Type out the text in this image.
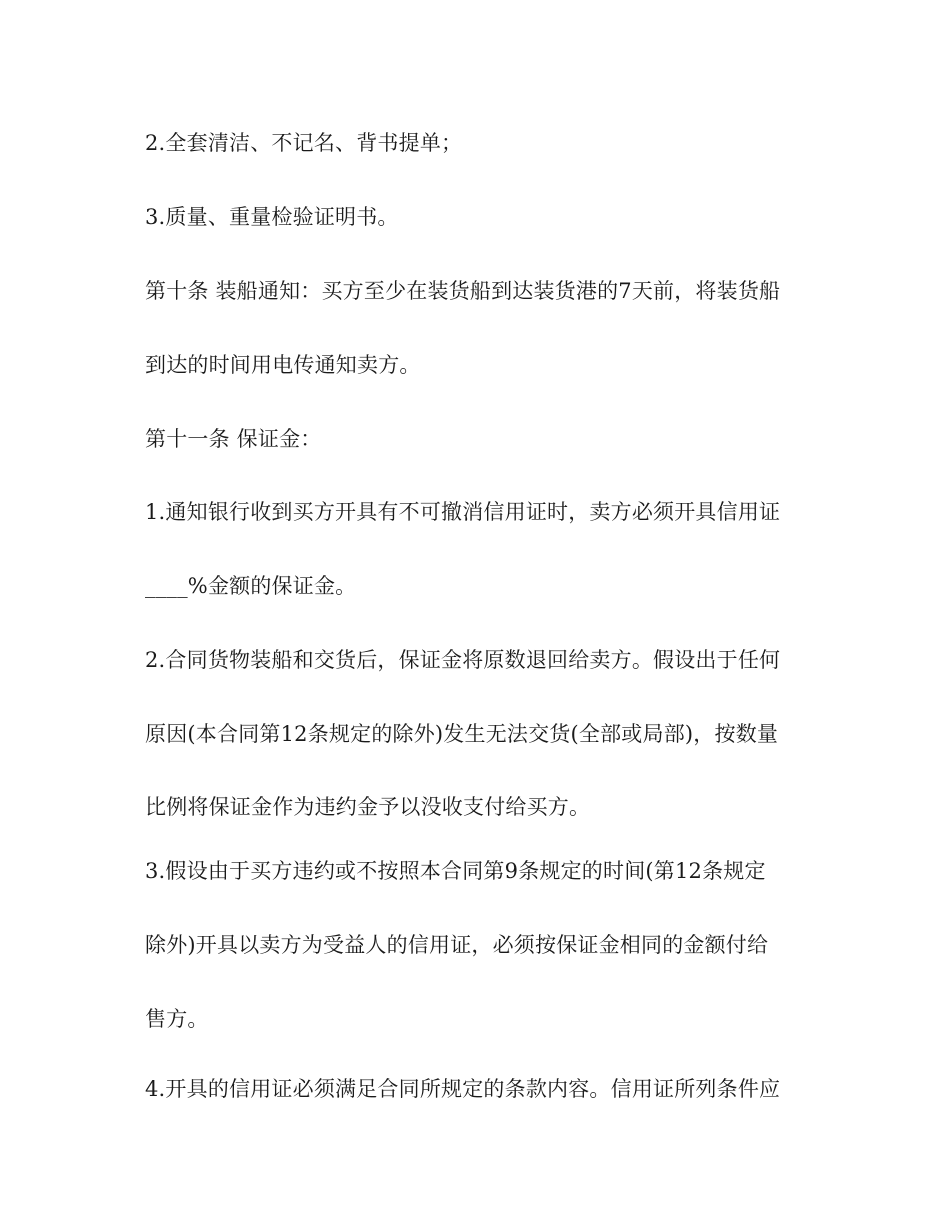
2.全套清洁、不记名、背书提单；

3.质量、重量检验证明书。

第十条 装船通知：买方至少在装货船到达装货港的7天前，将装货船

到达的时间用电传通知卖方。

第十一条 保证金：

1.通知银行收到买方开具有不可撤消信用证时，卖方必须开具信用证

____%金额的保证金。

2.合同货物装船和交货后，保证金将原数退回给卖方。假设出于任何

原因(本合同第12条规定的除外)发生无法交货(全部或局部)，按数量

比例将保证金作为违约金予以没收支付给买方。

3.假设由于买方违约或不按照本合同第9条规定的时间(第12条规定

除外)开具以卖方为受益人的信用证，必须按保证金相同的金额付给

售方。

4.开具的信用证必须满足合同所规定的条款内容。信用证所列条件应
